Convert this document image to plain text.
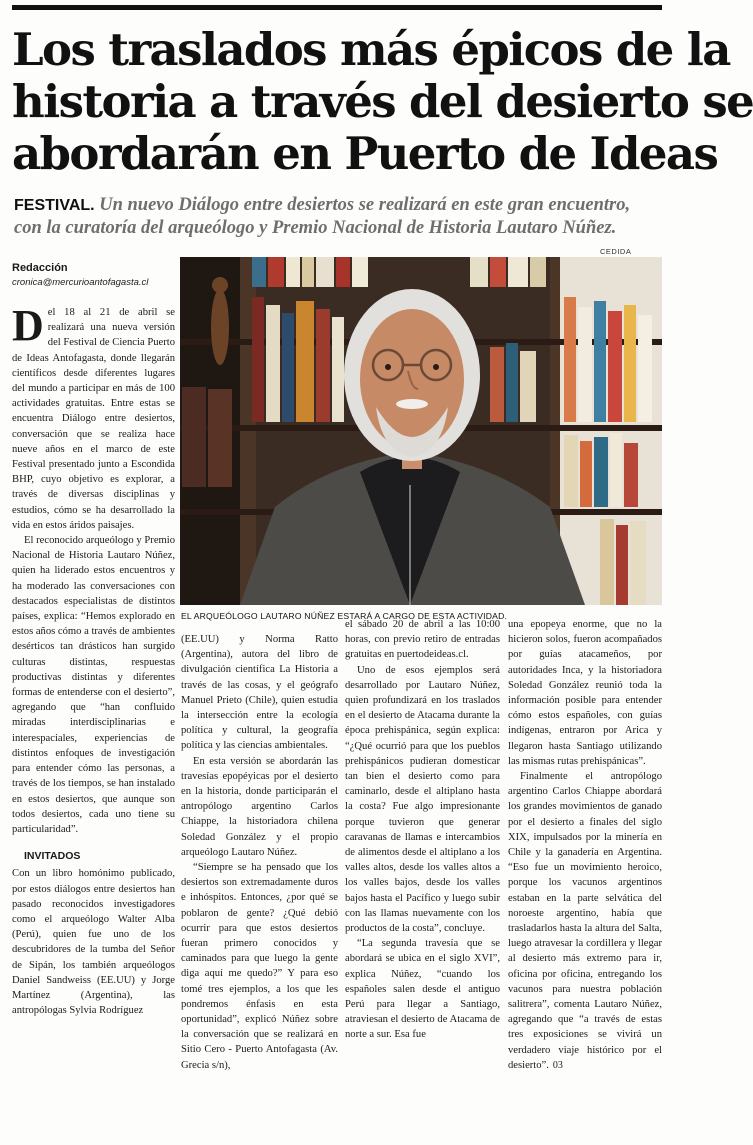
Los traslados más épicos de la
historia a través del desierto se
abordarán en Puerto de Ideas
FESTIVAL. Un nuevo Diálogo entre desiertos se realizará en este gran encuentro,
con la curatoría del arqueólogo y Premio Nacional de Historia Lautaro Núñez.
CEDIDA
EL ARQUEÓLOGO LAUTARO NÚÑEZ ESTARÁ A CARGO DE ESTA ACTIVIDAD.
Redacción
cronica@mercurioantofagasta.cl

Del 18 al 21 de abril se realizará una nueva versión del Festival de Ciencia Puerto de Ideas Antofagasta, donde llegarán científicos desde diferentes lugares del mundo a participar en más de 100 actividades gratuitas. Entre estas se encuentra Diálogo entre desiertos, conversación que se realiza hace nueve años en el marco de este Festival presentado junto a Escondida BHP, cuyo objetivo es explorar, a través de diversas disciplinas y estudios, cómo se ha desarrollado la vida en estos áridos paisajes.

El reconocido arqueólogo y Premio Nacional de Historia Lautaro Núñez, quien ha liderado estos encuentros y ha moderado las conversaciones con destacados especialistas de distintos países, explica: “Hemos explorado en estos años cómo a través de ambientes desérticos tan drásticos han surgido culturas distintas, respuestas productivas distintas y diferentes formas de entenderse con el desierto”, agregando que “han confluido miradas interdisciplinarias e interespaciales, experiencias de distintos enfoques de investigación para entender cómo las personas, a través de los tiempos, se han instalado en estos desiertos, que aunque son todos desiertos, cada uno tiene su particularidad”.

INVITADOS

Con un libro homónimo publicado, por estos diálogos entre desiertos han pasado reconocidos investigadores como el arqueólogo Walter Alba (Perú), quien fue uno de los descubridores de la tumba del Señor de Sipán, los también arqueólogos Daniel Sandweiss (EE.UU) y Jorge Martínez (Argentina), las antropólogas Sylvia Rodríguez

(EE.UU) y Norma Ratto (Argentina), autora del libro de divulgación científica La Historia a través de las cosas, y el geógrafo Manuel Prieto (Chile), quien estudia la intersección entre la ecología política y cultural, la geografía política y las ciencias ambientales.

En esta versión se abordarán las travesías epopéyicas por el desierto en la historia, donde participarán el antropólogo argentino Carlos Chiappe, la historiadora chilena Soledad González y el propio arqueólogo Lautaro Núñez.

“Siempre se ha pensado que los desiertos son extremadamente duros e inhóspitos. Entonces, ¿por qué se poblaron de gente? ¿Qué debió ocurrir para que estos desiertos fueran primero conocidos y caminados para que luego la gente diga aquí me quedo?” Y para eso tomé tres ejemplos, a los que les pondremos énfasis en esta oportunidad”, explicó Núñez sobre la conversación que se realizará en Sitio Cero - Puerto Antofagasta (Av. Grecia s/n),

el sábado 20 de abril a las 10:00 horas, con previo retiro de entradas gratuitas en puertodeideas.cl.

Uno de esos ejemplos será desarrollado por Lautaro Núñez, quien profundizará en los traslados en el desierto de Atacama durante la época prehispánica, según explica: “¿Qué ocurrió para que los pueblos prehispánicos pudieran domesticar tan bien el desierto como para caminarlo, desde el altiplano hasta la costa? Fue algo impresionante porque tuvieron que generar caravanas de llamas e intercambios de alimentos desde el altiplano a los valles altos, desde los valles altos a los valles bajos, desde los valles bajos hasta el Pacífico y luego subir con las llamas nuevamente con los productos de la costa”, concluye.

“La segunda travesía que se abordará se ubica en el siglo XVI”, explica Núñez, “cuando los españoles salen desde el antiguo Perú para llegar a Santiago, atraviesan el desierto de Atacama de norte a sur. Esa fue

una epopeya enorme, que no la hicieron solos, fueron acompañados por guías atacameños, por autoridades Inca, y la historiadora Soledad González reunió toda la información posible para entender cómo estos españoles, con guías indígenas, entraron por Arica y llegaron hasta Santiago utilizando las mismas rutas prehispánicas”.

Finalmente el antropólogo argentino Carlos Chiappe abordará los grandes movimientos de ganado por el desierto a finales del siglo XIX, impulsados por la minería en Chile y la ganadería en Argentina. “Eso fue un movimiento heroico, porque los vacunos argentinos estaban en la parte selvática del noroeste argentino, había que trasladarlos hasta la altura del Salta, luego atravesar la cordillera y llegar al desierto más extremo para ir, oficina por oficina, entregando los vacunos para nuestra población salitrera”, comenta Lautaro Núñez, agregando que “a través de estas tres exposiciones se vivirá un verdadero viaje histórico por el desierto”. 03
